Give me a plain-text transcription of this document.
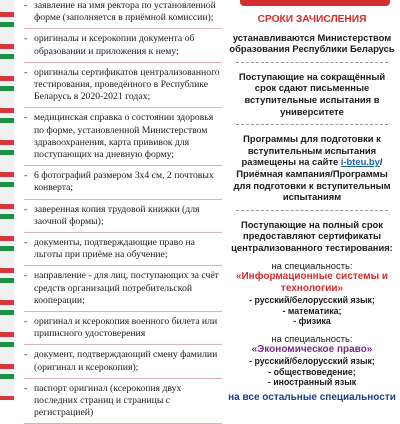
- заявление на имя ректора по установленной форме (заполняется в приёмной комиссии);
- оригиналы и ксерокопии документа об образовании и приложения к нему;
- оригиналы сертификатов централизованного тестирования, проведённого в Республике Беларусь в 2020-2021 годах;
- медицинская справка о состоянии здоровья по форме, установленной Министерством здравоохранения, карта прививок для поступающих на дневную форму;
- 6 фотографий размером 3x4 см, 2 почтовых конверта;
- заверенная копия трудовой книжки (для заочной формы);
- документы, подтверждающие право на льготы при приёме на обучение;
- направление - для лиц, поступающих за счёт средств организаций потребительской кооперации;
- оригинал и ксерокопия военного билета или приписного удостоверения
- документ, подтверждающий смену фамилии (оригинал и ксерокопия);
- паспорт оригинал (ксерокопия двух последних страниц и страницы с регистрацией)
СРОКИ ЗАЧИСЛЕНИЯ
устанавливаются Министерством образования Республики Беларусь
Поступающие на сокращённый срок сдают письменные вступительные испытания в университете
Программы для подготовки к вступительным испытания размещены на сайте i-bteu.by/Приёмная кампания/Программы для подготовки к вступительным испытаниям
Поступающие на полный срок предоставляют сертификаты централизованного тестирования:
на специальность:
«Информационные системы и технологии»
- русский/белорусский язык;
- математика;
- физика
на специальность:
«Экономическое право»
- русский/белорусский язык;
- обществоведение;
- иностранный язык
на все остальные специальности
